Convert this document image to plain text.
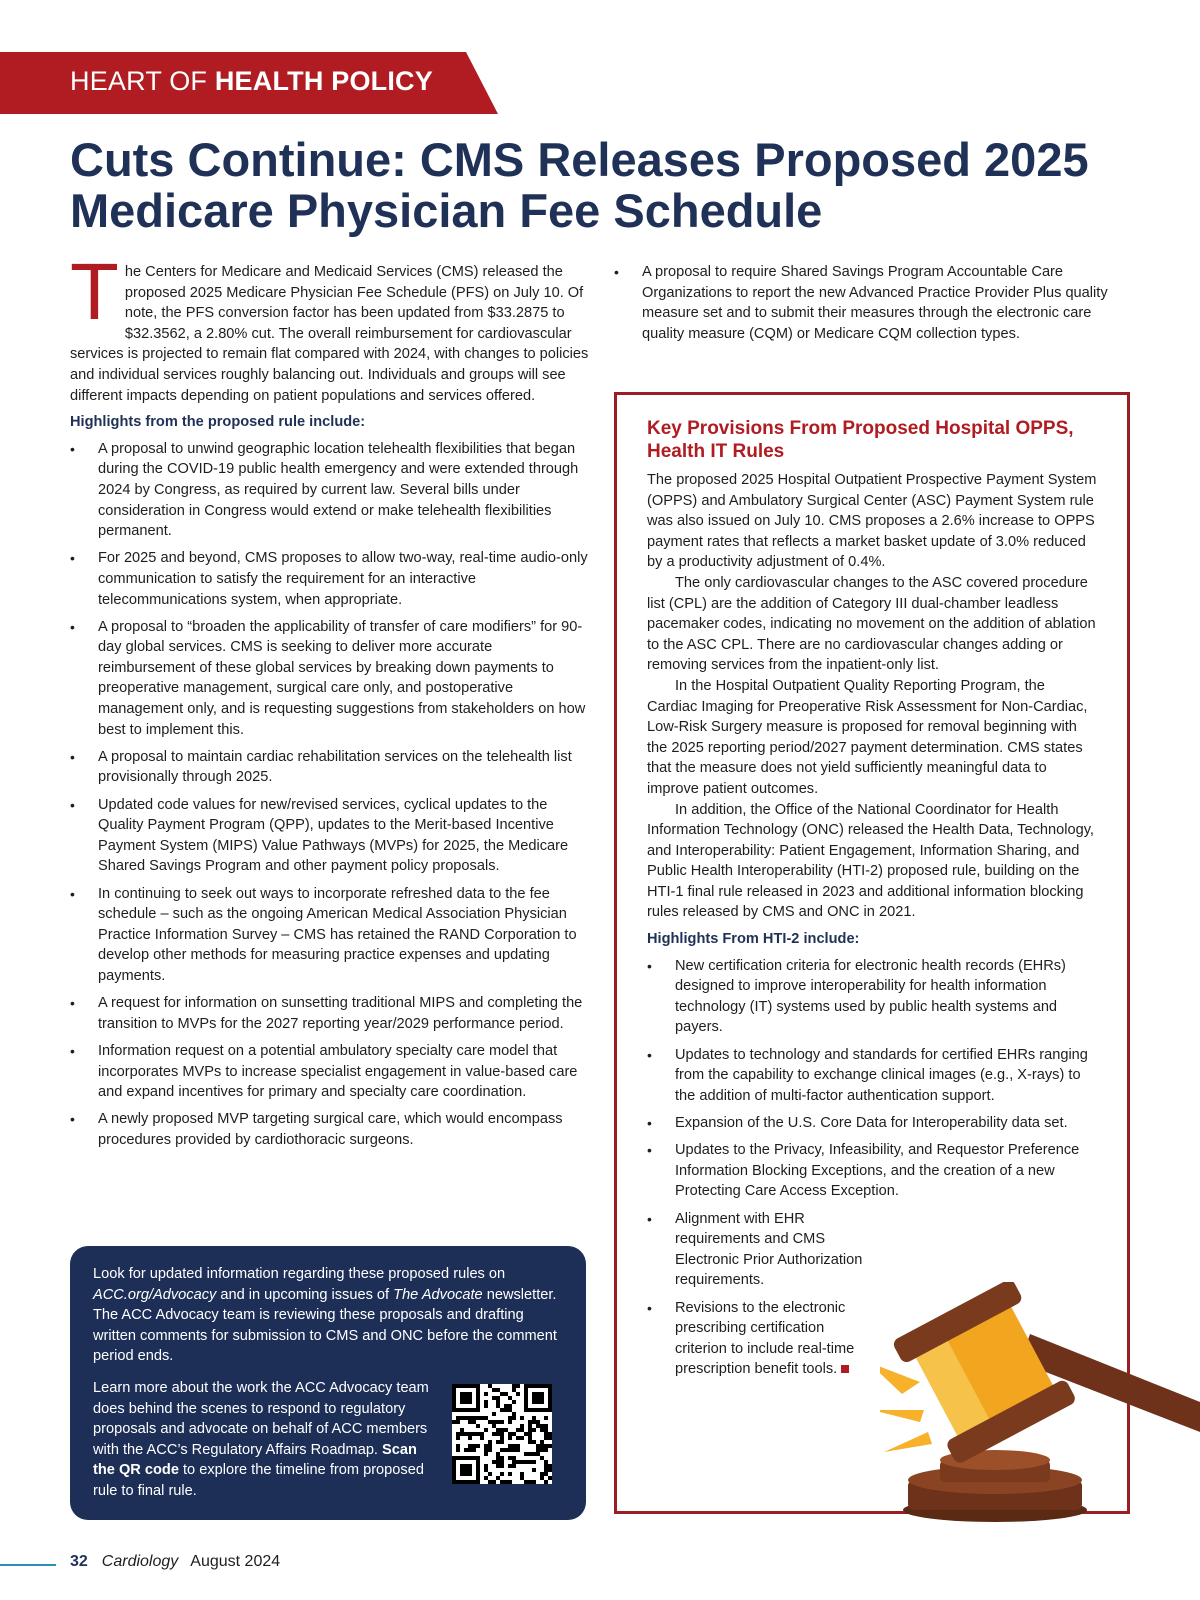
HEART OF HEALTH POLICY
Cuts Continue: CMS Releases Proposed 2025 Medicare Physician Fee Schedule

The Centers for Medicare and Medicaid Services (CMS) released the proposed 2025 Medicare Physician Fee Schedule (PFS) on July 10. Of note, the PFS conversion factor has been updated from $33.2875 to $32.3562, a 2.80% cut. The overall reimbursement for cardiovascular services is projected to remain flat compared with 2024, with changes to policies and individual services roughly balancing out. Individuals and groups will see different impacts depending on patient populations and services offered.

Highlights from the proposed rule include:

• A proposal to unwind geographic location telehealth flexibilities that began during the COVID-19 public health emergency and were extended through 2024 by Congress, as required by current law. Several bills under consideration in Congress would extend or make telehealth flexibilities permanent.
• For 2025 and beyond, CMS proposes to allow two-way, real-time audio-only communication to satisfy the requirement for an interactive telecommunications system, when appropriate.
• A proposal to “broaden the applicability of transfer of care modifiers” for 90-day global services. CMS is seeking to deliver more accurate reimbursement of these global services by breaking down payments to preoperative management, surgical care only, and postoperative management only, and is requesting suggestions from stakeholders on how best to implement this.
• A proposal to maintain cardiac rehabilitation services on the telehealth list provisionally through 2025.
• Updated code values for new/revised services, cyclical updates to the Quality Payment Program (QPP), updates to the Merit-based Incentive Payment System (MIPS) Value Pathways (MVPs) for 2025, the Medicare Shared Savings Program and other payment policy proposals.
• In continuing to seek out ways to incorporate refreshed data to the fee schedule – such as the ongoing American Medical Association Physician Practice Information Survey – CMS has retained the RAND Corporation to develop other methods for measuring practice expenses and updating payments.
• A request for information on sunsetting traditional MIPS and completing the transition to MVPs for the 2027 reporting year/2029 performance period.
• Information request on a potential ambulatory specialty care model that incorporates MVPs to increase specialist engagement in value-based care and expand incentives for primary and specialty care coordination.
• A newly proposed MVP targeting surgical care, which would encompass procedures provided by cardiothoracic surgeons.
• A proposal to require Shared Savings Program Accountable Care Organizations to report the new Advanced Practice Provider Plus quality measure set and to submit their measures through the electronic care quality measure (CQM) or Medicare CQM collection types.
Key Provisions From Proposed Hospital OPPS, Health IT Rules

The proposed 2025 Hospital Outpatient Prospective Payment System (OPPS) and Ambulatory Surgical Center (ASC) Payment System rule was also issued on July 10. CMS proposes a 2.6% increase to OPPS payment rates that reflects a market basket update of 3.0% reduced by a productivity adjustment of 0.4%.

The only cardiovascular changes to the ASC covered procedure list (CPL) are the addition of Category III dual-chamber leadless pacemaker codes, indicating no movement on the addition of ablation to the ASC CPL. There are no cardiovascular changes adding or removing services from the inpatient-only list.

In the Hospital Outpatient Quality Reporting Program, the Cardiac Imaging for Preoperative Risk Assessment for Non-Cardiac, Low-Risk Surgery measure is proposed for removal beginning with the 2025 reporting period/2027 payment determination. CMS states that the measure does not yield sufficiently meaningful data to improve patient outcomes.

In addition, the Office of the National Coordinator for Health Information Technology (ONC) released the Health Data, Technology, and Interoperability: Patient Engagement, Information Sharing, and Public Health Interoperability (HTI-2) proposed rule, building on the HTI-1 final rule released in 2023 and additional information blocking rules released by CMS and ONC in 2021.

Highlights From HTI-2 include:

• New certification criteria for electronic health records (EHRs) designed to improve interoperability for health information technology (IT) systems used by public health systems and payers.
• Updates to technology and standards for certified EHRs ranging from the capability to exchange clinical images (e.g., X-rays) to the addition of multi-factor authentication support.
• Expansion of the U.S. Core Data for Interoperability data set.
• Updates to the Privacy, Infeasibility, and Requestor Preference Information Blocking Exceptions, and the creation of a new Protecting Care Access Exception.
• Alignment with EHR requirements and CMS Electronic Prior Authorization requirements.
• Revisions to the electronic prescribing certification criterion to include real-time prescription benefit tools.

Look for updated information regarding these proposed rules on ACC.org/Advocacy and in upcoming issues of The Advocate newsletter. The ACC Advocacy team is reviewing these proposals and drafting written comments for submission to CMS and ONC before the comment period ends.

Learn more about the work the ACC Advocacy team does behind the scenes to respond to regulatory proposals and advocate on behalf of ACC members with the ACC’s Regulatory Affairs Roadmap. Scan the QR code to explore the timeline from proposed rule to final rule.

32 Cardiology August 2024
